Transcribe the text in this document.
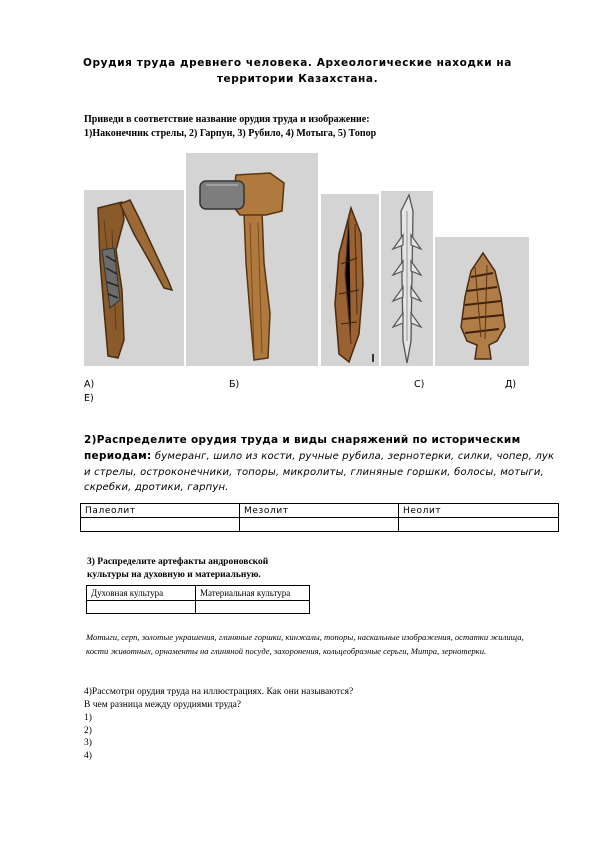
Орудия труда древнего человека. Археологические находки на
территории Казахстана.
Приведи в соответствие название орудия труда и изображение:
1)Наконечник стрелы, 2) Гарпун, 3) Рубило, 4) Мотыга, 5) Топор
А)	Б)	С)	Д)
Е)
2)Распределите орудия труда и виды снаряжений по историческим
периодам: бумеранг, шило из кости, ручные рубила, зернотерки, силки, чопер, лук и стрелы, остроконечники, топоры, микролиты, глиняные горшки, болосы, мотыги, скребки, дротики, гарпун.
Палеолит	Мезолит	Неолит

3) Распределите артефакты андроновской
культуры на духовную и материальную.
Духовная культура	Материальная культура

Мотыги, серп, золотые украшения, глиняные горшки, кинжалы, топоры, наскальные изображения, остатки жилища, кости животных, орнаменты на глиняной посуде, захоронения, кольцеобразные серьги, Митра, зернотерки.
4)Рассмотри орудия труда на иллюстрациях. Как они называются?
В чем разница между орудиями труда?
1)
2)
3)
4)
